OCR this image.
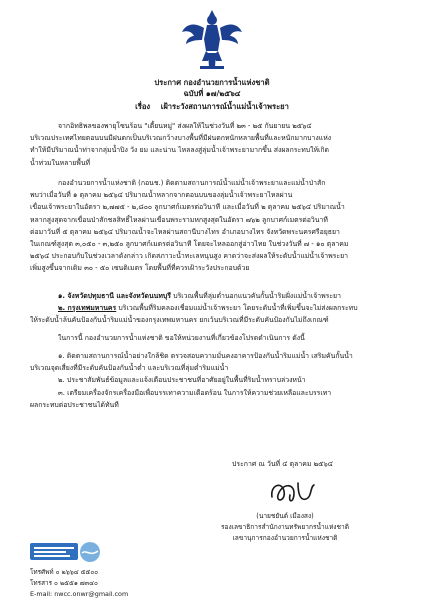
ประกาศ กองอำนวยการน้ำแห่งชาติ
ฉบับที่ ๑๗/๒๕๖๔
เรื่อง เฝ้าระวังสถานการณ์น้ำแม่น้ำเจ้าพระยา
จากอิทธิพลของพายุโซนร้อน "เตี้ยนหมู่" ส่งผลให้ในช่วงวันที่ ๒๓ - ๒๕ กันยายน ๒๕๖๔
บริเวณประเทศไทยตอนบนมีฝนตกเป็นบริเวณกว้างบางพื้นที่มีฝนตกหนักหลายพื้นที่และหนักมากบางแห่ง
ทำให้มีปริมาณน้ำท่าจากลุ่มน้ำปิง วัง ยม และน่าน ไหลลงสู่ลุ่มน้ำเจ้าพระยามากขึ้น ส่งผลกระทบให้เกิด
น้ำท่วมในหลายพื้นที่
กองอำนวยการน้ำแห่งชาติ (กอนช.) ติดตามสถานการณ์น้ำแม่น้ำเจ้าพระยาและแม่น้ำป่าสัก
พบว่าเมื่อวันที่ ๑ ตุลาคม ๒๕๖๔ ปริมาณน้ำหลากจากตอนบนของลุ่มน้ำเจ้าพระยาไหลผ่าน
เขื่อนเจ้าพระยาในอัตรา ๒,๗๗๕ - ๒,๘๐๐ ลูกบาศก์เมตรต่อวินาที และเมื่อวันที่ ๒ ตุลาคม ๒๕๖๔ ปริมาณน้ำ
หลากสูงสุดจากเขื่อนป่าสักชลสิทธิ์ไหลผ่านเขื่อนพระรามหกสูงสุดในอัตรา ๗๖๒ ลูกบาศก์เมตรต่อวินาที
ต่อมาวันที่ ๕ ตุลาคม ๒๕๖๔ ปริมาณน้ำจะไหลผ่านสถานีบางไทร อำเภอบางไทร จังหวัดพระนครศรีอยุธยา
ในเกณฑ์สูงสุด ๓,๐๕๐ - ๓,๒๕๐ ลูกบาศก์เมตรต่อวินาที โดยจะไหลออกสู่อ่าวไทย ในช่วงวันที่ ๗ - ๑๐ ตุลาคม
๒๕๖๔ ประกอบกับในช่วงเวลาดังกล่าว เกิดสภาวะน้ำทะเลหนุนสูง คาดว่าจะส่งผลให้ระดับน้ำแม่น้ำเจ้าพระยา
เพิ่มสูงขึ้นจากเดิม ๓๐ - ๕๐ เซนติเมตร โดยพื้นที่ที่ควรเฝ้าระวังประกอบด้วย
๑. จังหวัดปทุมธานี และจังหวัดนนทบุรี บริเวณพื้นที่ลุ่มต่ำนอกแนวคันกั้นน้ำริมฝั่งแม่น้ำเจ้าพระยา
๒. กรุงเทพมหานคร บริเวณพื้นที่ริมคลองเชื่อมแม่น้ำเจ้าพระยา โดยระดับน้ำที่เพิ่มขึ้นจะไม่ส่งผลกระทบ
ให้ระดับน้ำล้นคันป้องกันน้ำริมแม่น้ำของกรุงเทพมหานคร ยกเว้นบริเวณที่มีระดับคันป้องกันไม่ถึงเกณฑ์
ในการนี้ กองอำนวยการน้ำแห่งชาติ ขอให้หน่วยงานที่เกี่ยวข้องโปรดดำเนินการ ดังนี้
๑. ติดตามสถานการณ์น้ำอย่างใกล้ชิด ตรวจสอบความมั่นคงอาคารป้องกันน้ำริมแม่น้ำ เสริมคันกั้นน้ำ
บริเวณจุดเสี่ยงที่มีระดับคันป้องกันน้ำต่ำ และบริเวณที่ลุ่มต่ำริมแม่น้ำ
๒. ประชาสัมพันธ์ข้อมูลและแจ้งเตือนประชาชนที่อาศัยอยู่ในพื้นที่ริมน้ำทราบล่วงหน้า
๓. เตรียมเครื่องจักรเครื่องมือเพื่อบรรเทาความเดือดร้อน ในการให้ความช่วยเหลือและบรรเทา
ผลกระทบต่อประชาชนได้ทันที
ประกาศ ณ วันที่ ๔ ตุลาคม ๒๕๖๔
(นายชยันต์ เมืองสง)
รองเลขาธิการสำนักงานทรัพยากรน้ำแห่งชาติ
เลขานุการกองอำนวยการน้ำแห่งชาติ
โทรศัพท์ ๐ ๒๖๖๔ ๕๕๐๐
โทรสาร ๐ ๒๕๕๑ ๗๓๔๐
E-mail: nwcc.onwr@gmail.com
